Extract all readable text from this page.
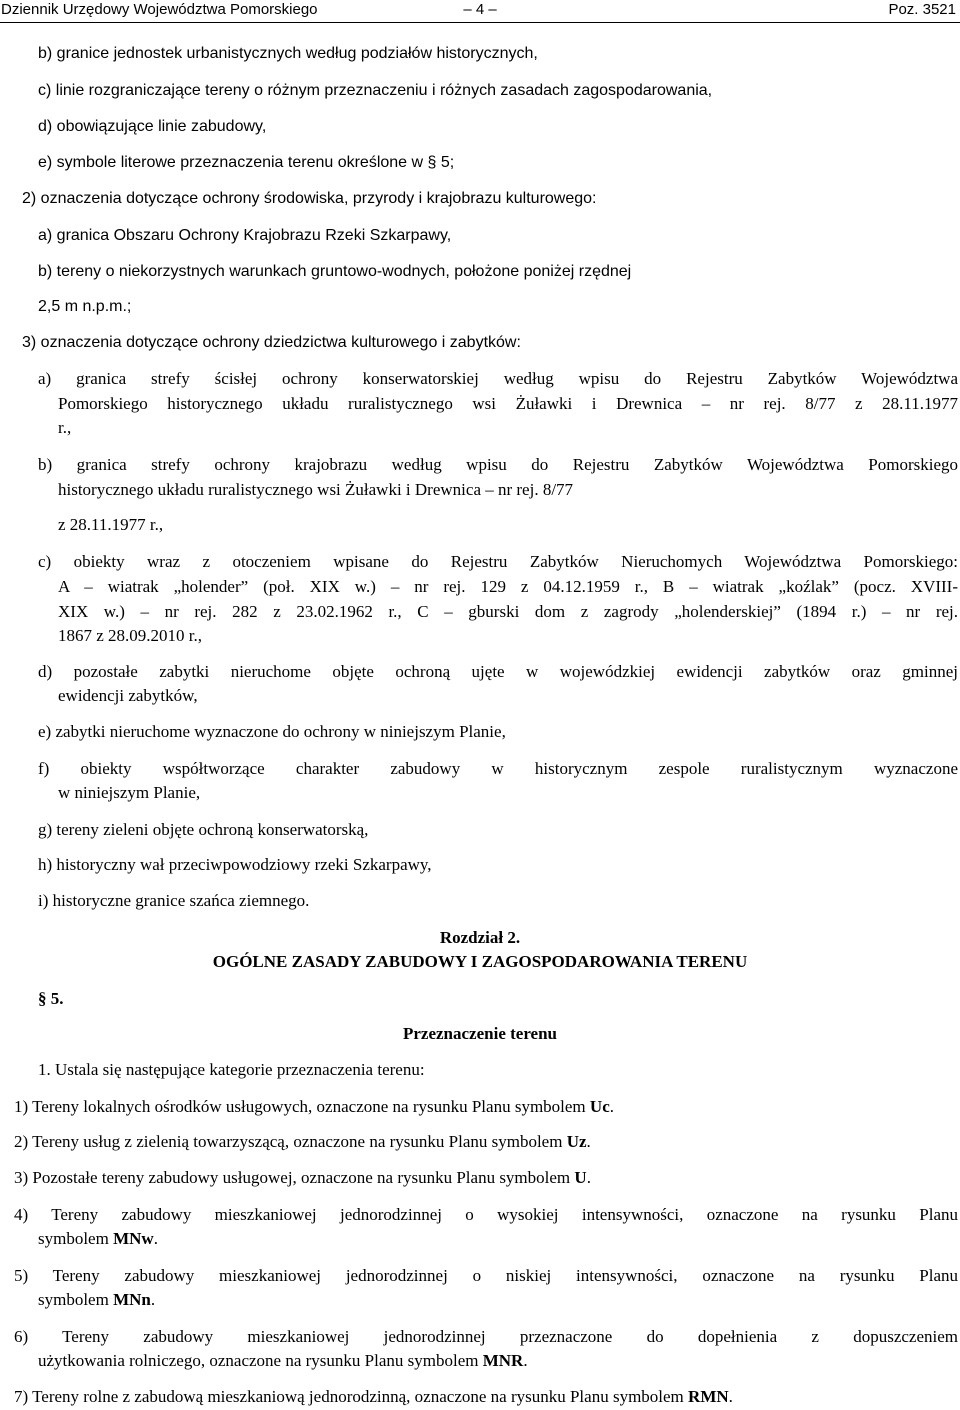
– 4 –
Dziennik Urzędowy Województwa Pomorskiego	Poz. 3521
b) granice jednostek urbanistycznych według podziałów historycznych,
c) linie rozgraniczające tereny o różnym przeznaczeniu i różnych zasadach zagospodarowania,
d) obowiązujące linie zabudowy,
e) symbole literowe przeznaczenia terenu określone w § 5;
2) oznaczenia dotyczące ochrony środowiska, przyrody i krajobrazu kulturowego:
a) granica Obszaru Ochrony Krajobrazu Rzeki Szkarpawy,
b) tereny o niekorzystnych warunkach gruntowo-wodnych, położone poniżej rzędnej
2,5 m n.p.m.;
3) oznaczenia dotyczące ochrony dziedzictwa kulturowego i zabytków:
a) granica strefy ścisłej ochrony konserwatorskiej według wpisu do Rejestru Zabytków Województwa
Pomorskiego historycznego układu ruralistycznego wsi Żuławki i Drewnica – nr rej. 8/77 z 28.11.1977
r.,
b) granica strefy ochrony krajobrazu według wpisu do Rejestru Zabytków Województwa Pomorskiego
historycznego układu ruralistycznego wsi Żuławki i Drewnica – nr rej. 8/77
z 28.11.1977 r.,
c) obiekty wraz z otoczeniem wpisane do Rejestru Zabytków Nieruchomych Województwa Pomorskiego:
A – wiatrak „holender” (poł. XIX w.) – nr rej. 129 z 04.12.1959 r., B – wiatrak „koźlak” (pocz. XVIII-
XIX w.) – nr rej. 282 z 23.02.1962 r., C – gburski dom z zagrody „holenderskiej” (1894 r.) – nr rej.
1867 z 28.09.2010 r.,
d) pozostałe zabytki nieruchome objęte ochroną ujęte w wojewódzkiej ewidencji zabytków oraz gminnej
ewidencji zabytków,
e) zabytki nieruchome wyznaczone do ochrony w niniejszym Planie,
f) obiekty współtworzące charakter zabudowy w historycznym zespole ruralistycznym wyznaczone
w niniejszym Planie,
g) tereny zieleni objęte ochroną konserwatorską,
h) historyczny wał przeciwpowodziowy rzeki Szkarpawy,
i) historyczne granice szańca ziemnego.
Rozdział 2.
OGÓLNE ZASADY ZABUDOWY I ZAGOSPODAROWANIA TERENU
§ 5.
Przeznaczenie terenu
1. Ustala się następujące kategorie przeznaczenia terenu:
1) Tereny lokalnych ośrodków usługowych, oznaczone na rysunku Planu symbolem Uc.
2) Tereny usług z zielenią towarzyszącą, oznaczone na rysunku Planu symbolem Uz.
3) Pozostałe tereny zabudowy usługowej, oznaczone na rysunku Planu symbolem U.
4) Tereny zabudowy mieszkaniowej jednorodzinnej o wysokiej intensywności, oznaczone na rysunku Planu
symbolem MNw.
5) Tereny zabudowy mieszkaniowej jednorodzinnej o niskiej intensywności, oznaczone na rysunku Planu
symbolem MNn.
6) Tereny zabudowy mieszkaniowej jednorodzinnej przeznaczone do dopełnienia z dopuszczeniem
użytkowania rolniczego, oznaczone na rysunku Planu symbolem MNR.
7) Tereny rolne z zabudową mieszkaniową jednorodzinną, oznaczone na rysunku Planu symbolem RMN.
